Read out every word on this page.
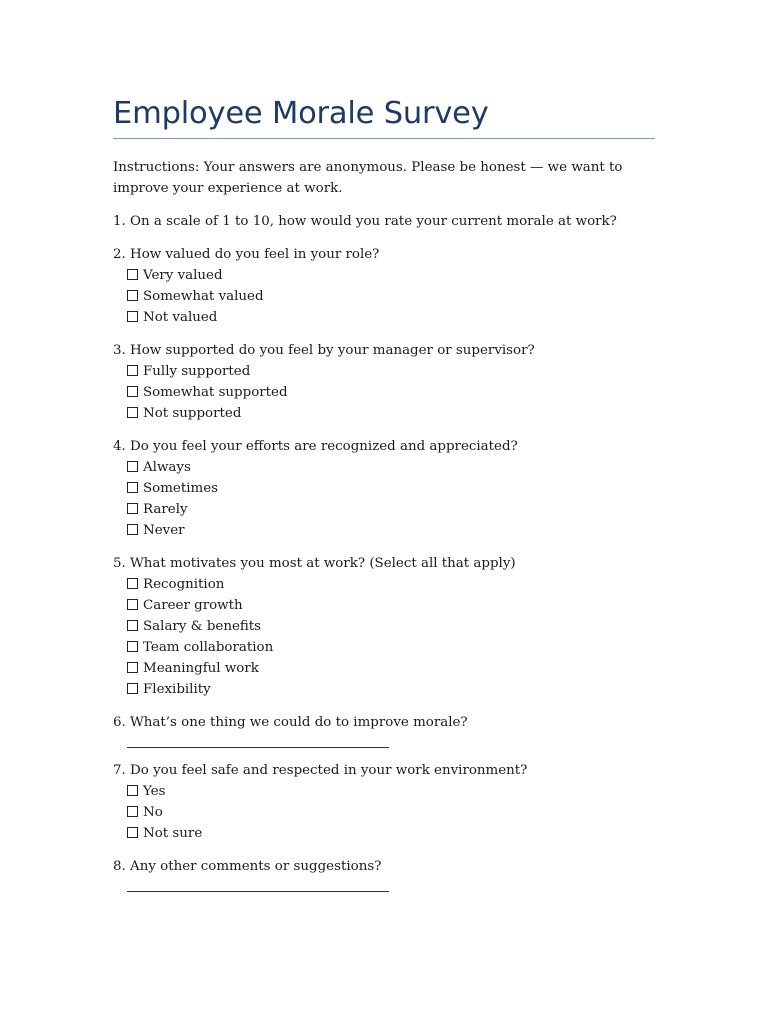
Employee Morale Survey
Instructions: Your answers are anonymous. Please be honest — we want to improve your experience at work.
1. On a scale of 1 to 10, how would you rate your current morale at work?
2. How valued do you feel in your role?
Very valued
Somewhat valued
Not valued
3. How supported do you feel by your manager or supervisor?
Fully supported
Somewhat supported
Not supported
4. Do you feel your efforts are recognized and appreciated?
Always
Sometimes
Rarely
Never
5. What motivates you most at work? (Select all that apply)
Recognition
Career growth
Salary & benefits
Team collaboration
Meaningful work
Flexibility
6. What’s one thing we could do to improve morale?
7. Do you feel safe and respected in your work environment?
Yes
No
Not sure
8. Any other comments or suggestions?
